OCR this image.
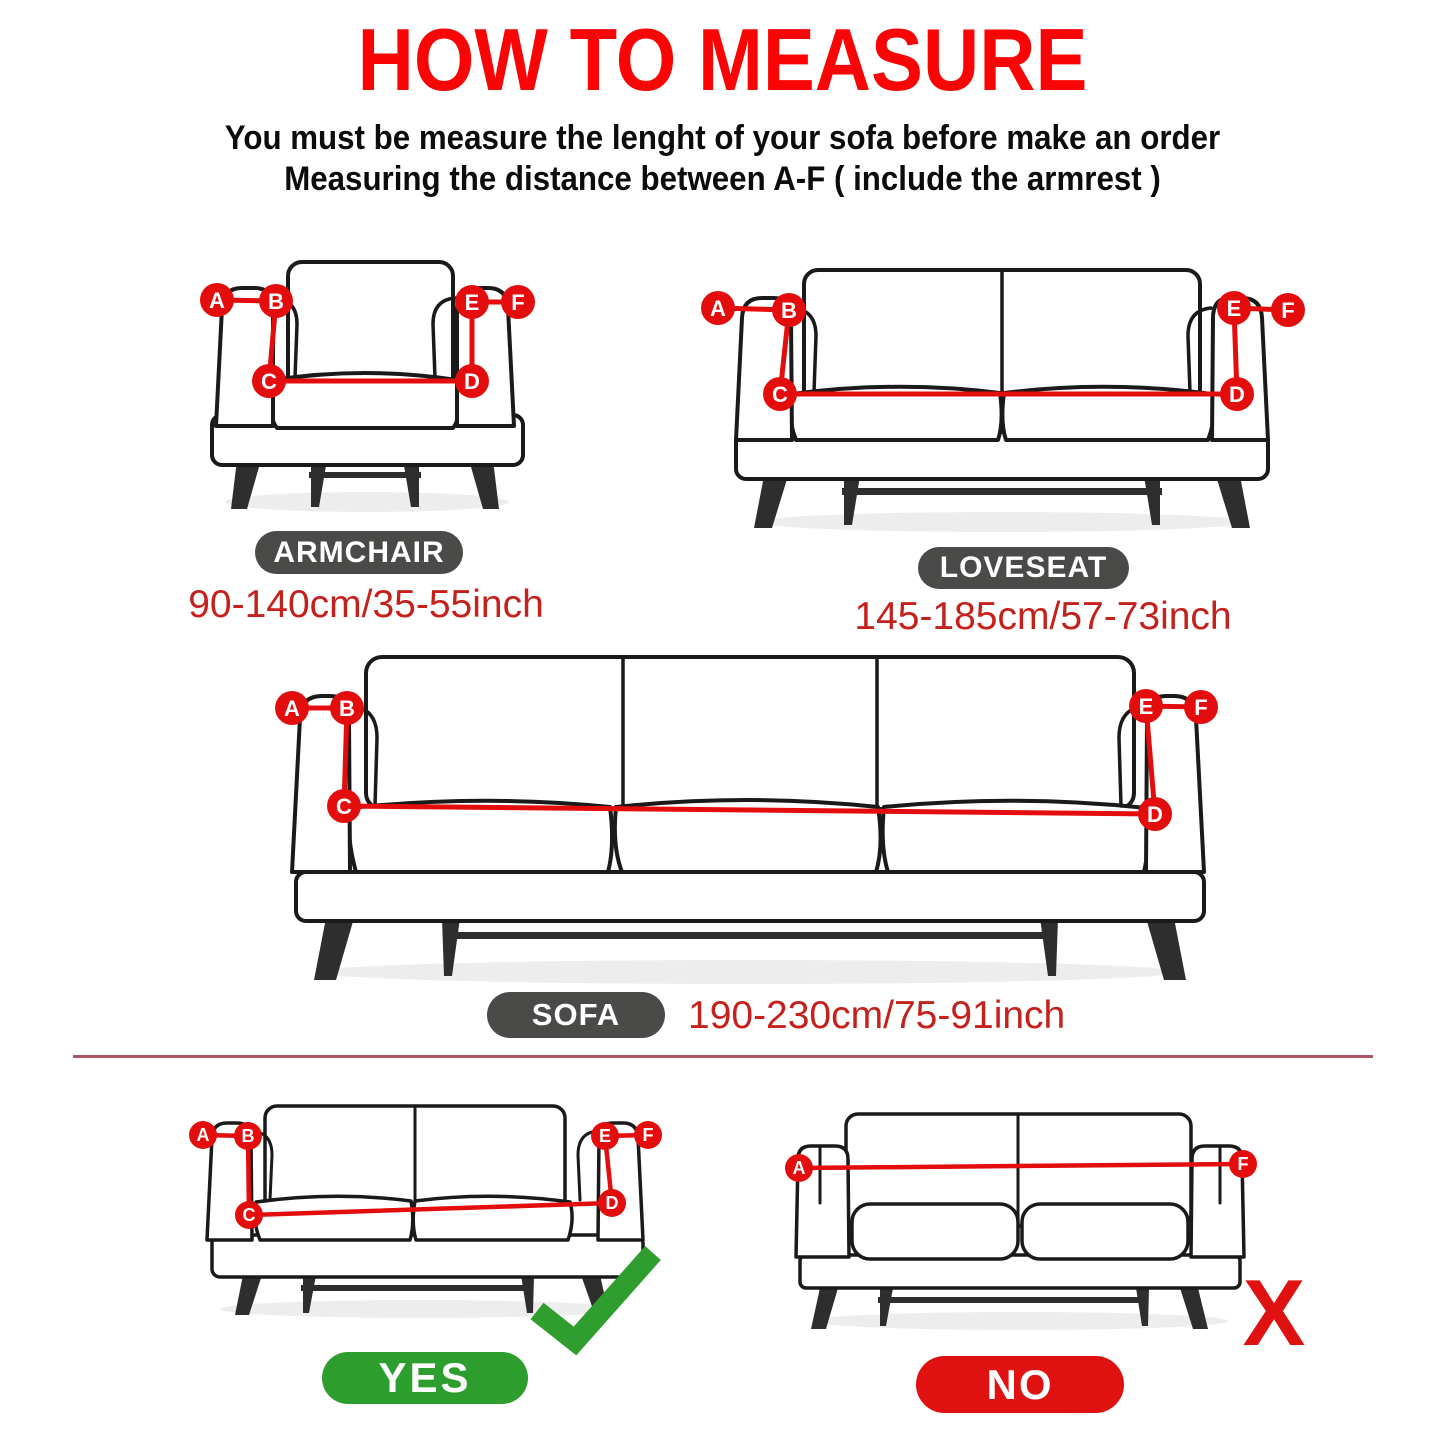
HOW TO MEASURE
You must be measure the lenght of your sofa before make an order
Measuring the distance between A-F ( include the armrest )
A B
C	D
E F
ARMCHAIR
90-140cm/35-55inch
A	B
C	D
E F
LOVESEAT
145-185cm/57-73inch
A B
C	D
E F
SOFA	190-230cm/75-91inch
A B
C
D
E F
YES
A	F
X
NO
